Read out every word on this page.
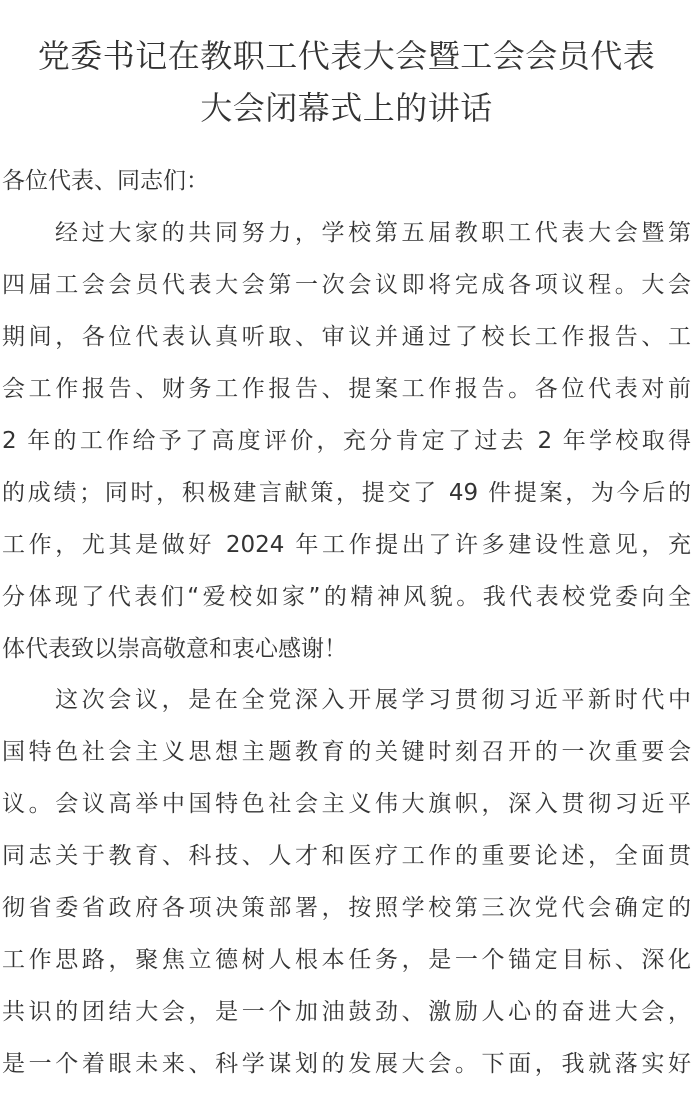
党委书记在教职工代表大会暨工会会员代表
大会闭幕式上的讲话

各位代表、同志们：

经过大家的共同努力，学校第五届教职工代表大会暨第
四届工会会员代表大会第一次会议即将完成各项议程。大会
期间，各位代表认真听取、审议并通过了校长工作报告、工
会工作报告、财务工作报告、提案工作报告。各位代表对前
2 年的工作给予了高度评价，充分肯定了过去 2 年学校取得
的成绩；同时，积极建言献策，提交了 49 件提案，为今后的
工作，尤其是做好 2024 年工作提出了许多建设性意见，充
分体现了代表们“爱校如家”的精神风貌。我代表校党委向全
体代表致以崇高敬意和衷心感谢！

这次会议，是在全党深入开展学习贯彻习近平新时代中
国特色社会主义思想主题教育的关键时刻召开的一次重要会
议。会议高举中国特色社会主义伟大旗帜，深入贯彻习近平
同志关于教育、科技、人才和医疗工作的重要论述，全面贯
彻省委省政府各项决策部署，按照学校第三次党代会确定的
工作思路，聚焦立德树人根本任务，是一个锚定目标、深化
共识的团结大会，是一个加油鼓劲、激励人心的奋进大会，
是一个着眼未来、科学谋划的发展大会。下面，我就落实好
